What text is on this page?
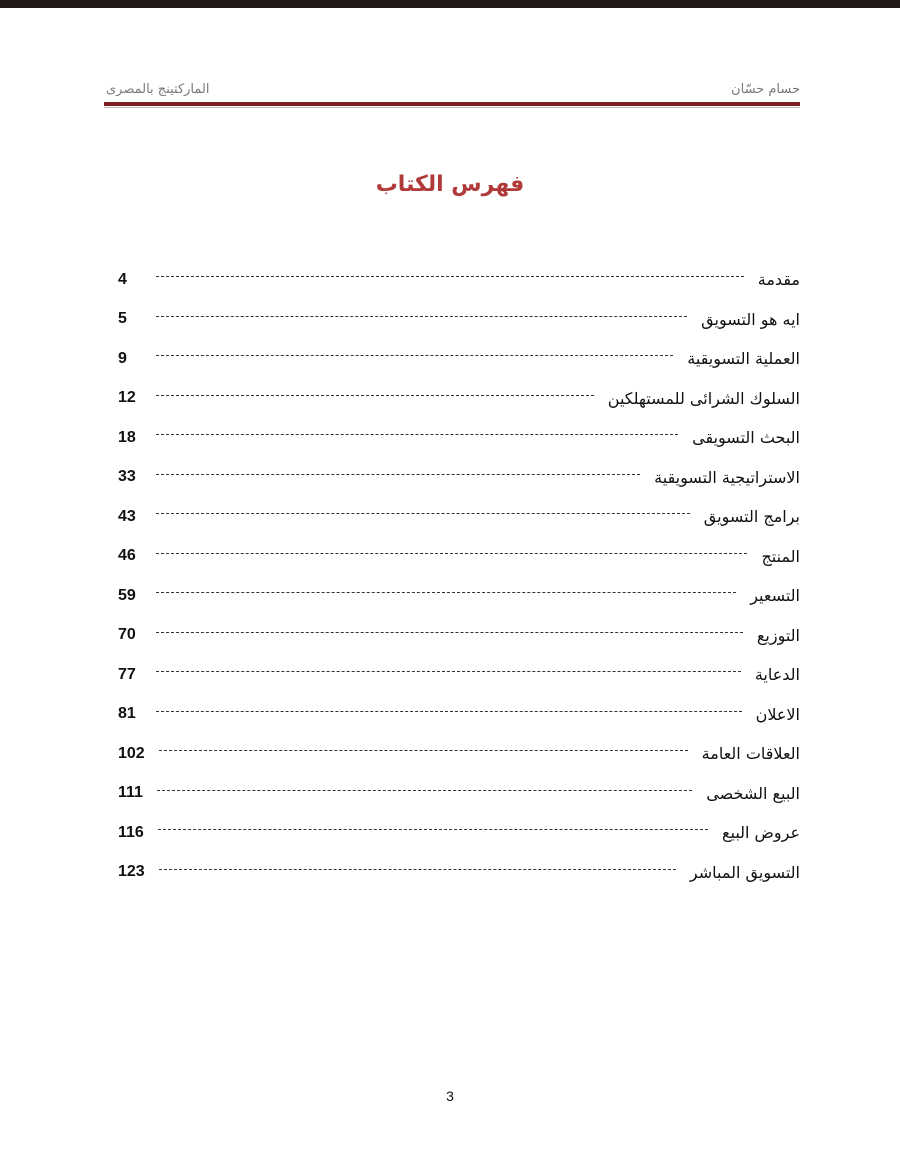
حسام حسّان
الماركتينج بالمصرى
فهرس الكتاب
مقدمة
4
ايه هو التسويق
5
العملية التسويقية
9
السلوك الشرائى للمستهلكين
12
البحث التسويقى
18
الاستراتيجية التسويقية
33
برامج التسويق
43
المنتج
46
التسعير
59
التوزيع
70
الدعاية
77
الاعلان
81
العلاقات العامة
102
البيع الشخصى
111
عروض البيع
116
التسويق المباشر
123
3
